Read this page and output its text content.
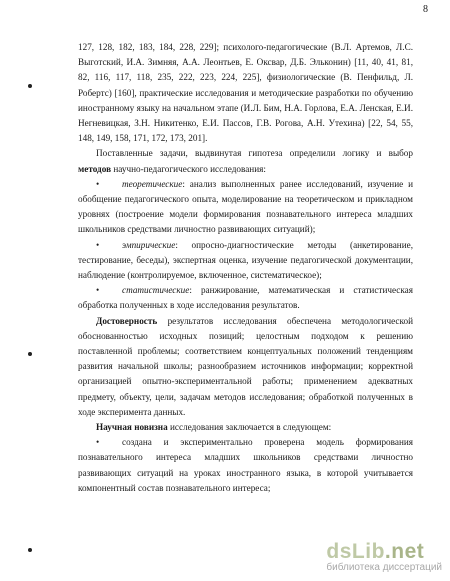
8

127, 128, 182, 183, 184, 228, 229]; психолого-педагогические (В.Л. Артемов, Л.С. Выготский, И.А. Зимняя, А.А. Леонтьев, Е. Оксвар, Д.Б. Эльконин) [11, 40, 41, 81, 82, 116, 117, 118, 235, 222, 223, 224, 225], физиологические (В. Пенфильд, Л. Робертс) [160], практические исследования и методические разработки по обучению иностранному языку на начальном этапе (И.Л. Бим, Н.А. Горлова, Е.А. Ленская, Е.И. Негневицкая, З.Н. Никитенко, Е.И. Пассов, Г.В. Рогова, А.Н. Утехина) [22, 54, 55, 148, 149, 158, 171, 172, 173, 201].

Поставленные задачи, выдвинутая гипотеза определили логику и выбор методов научно-педагогического исследования:

• теоретические: анализ выполненных ранее исследований, изучение и обобщение педагогического опыта, моделирование на теоретическом и прикладном уровнях (построение модели формирования познавательного интереса младших школьников средствами личностно развивающих ситуаций);

• эмпирические: опросно-диагностические методы (анкетирование, тестирование, беседы), экспертная оценка, изучение педагогической документации, наблюдение (контролируемое, включенное, систематическое);

• статистические: ранжирование, математическая и статистическая обработка полученных в ходе исследования результатов.

Достоверность результатов исследования обеспечена методологической обоснованностью исходных позиций; целостным подходом к решению поставленной проблемы; соответствием концептуальных положений тенденциям развития начальной школы; разнообразием источников информации; корректной организацией опытно-экспериментальной работы; применением адекватных предмету, объекту, цели, задачам методов исследования; обработкой полученных в ходе эксперимента данных.

Научная новизна исследования заключается в следующем:

• создана и экспериментально проверена модель формирования познавательного интереса младших школьников средствами личностно развивающих ситуаций на уроках иностранного языка, в которой учитывается компонентный состав познавательного интереса;

dsLib.net
библиотека диссертаций
